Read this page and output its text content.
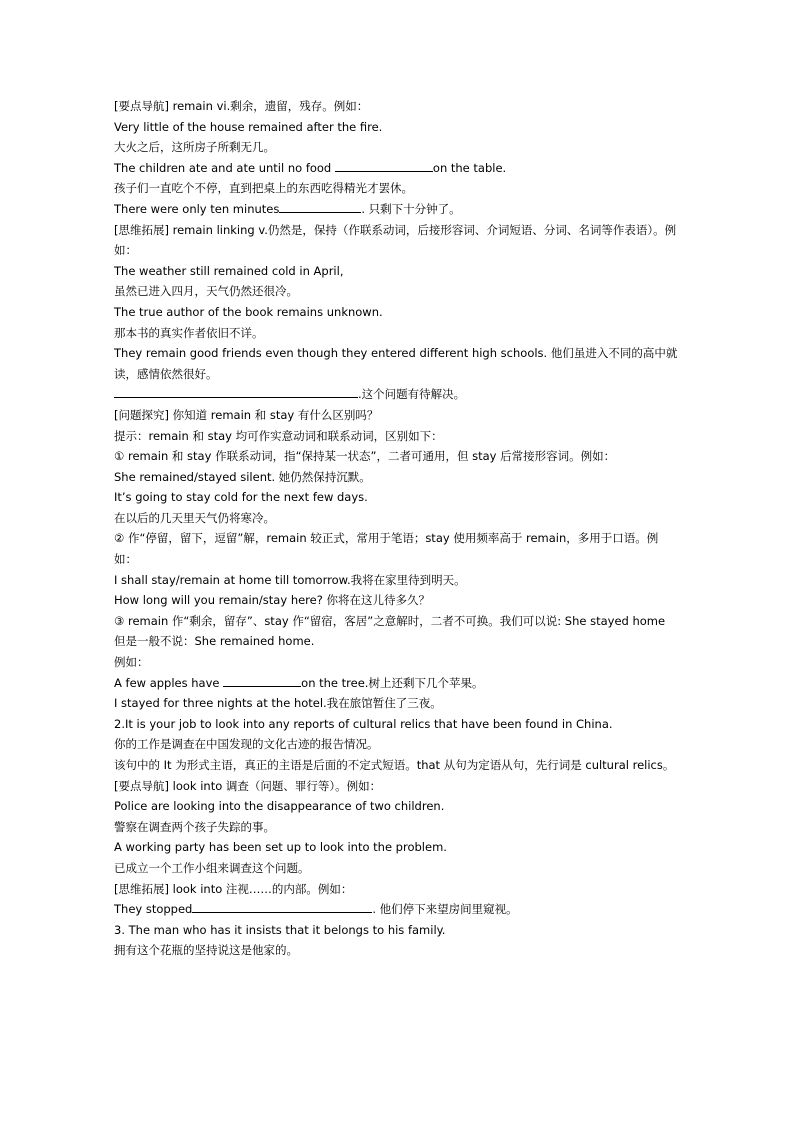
[要点导航] remain vi.剩余，遗留，残存。例如：
Very little of the house remained after the fire.
大火之后，这所房子所剩无几。
The children ate and ate until no food	on the table.
孩子们一直吃个不停，直到把桌上的东西吃得精光才罢休。
There were only ten minutes	. 只剩下十分钟了。
[思维拓展] remain linking v.仍然是，保持（作联系动词，后接形容词、介词短语、分词、名词等作表语）。例如：
The weather still remained cold in April,
虽然已进入四月，天气仍然还很冷。
The true author of the book remains unknown.
那本书的真实作者依旧不详。
They remain good friends even though they entered different high schools. 他们虽进入不同的高中就读，感情依然很好。
.这个问题有待解决。
[问题探究] 你知道 remain 和 stay 有什么区别吗？
提示：remain 和 stay 均可作实意动词和联系动词，区别如下：
① remain 和 stay 作联系动词，指“保持某一状态”，二者可通用，但 stay 后常接形容词。例如：
She remained/stayed silent. 她仍然保持沉默。
It’s going to stay cold for the next few days.
在以后的几天里天气仍将寒冷。
② 作“停留，留下，逗留”解，remain 较正式，常用于笔语；stay 使用频率高于 remain，多用于口语。例如：
I shall stay/remain at home till tomorrow.我将在家里待到明天。
How long will you remain/stay here? 你将在这儿待多久？
③ remain 作“剩余，留存”、stay 作“留宿，客居”之意解时，二者不可换。我们可以说: She stayed home 但是一般不说：She remained home.
例如：
A few apples have	on the tree.树上还剩下几个苹果。
I stayed for three nights at the hotel.我在旅馆暂住了三夜。
2.It is your job to look into any reports of cultural relics that have been found in China.
你的工作是调查在中国发现的文化古迹的报告情况。
该句中的 It 为形式主语，真正的主语是后面的不定式短语。that 从句为定语从句，先行词是 cultural relics。
[要点导航] look into 调查（问题、罪行等）。例如：
Police are looking into the disappearance of two children.
警察在调查两个孩子失踪的事。
A working party has been set up to look into the problem.
已成立一个工作小组来调查这个问题。
[思维拓展] look into 注视……的内部。例如：
They stopped	. 他们停下来望房间里窥视。
3. The man who has it insists that it belongs to his family.
拥有这个花瓶的坚持说这是他家的。
